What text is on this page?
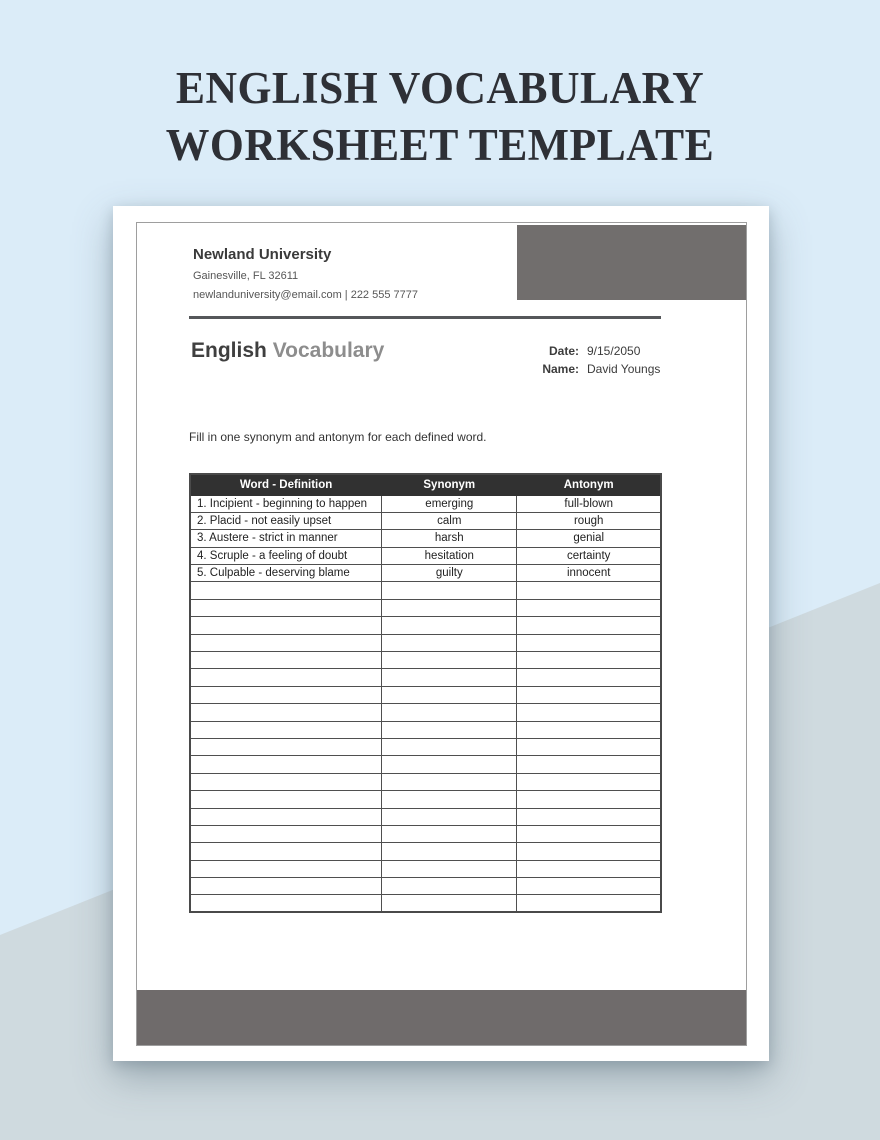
ENGLISH VOCABULARY
WORKSHEET TEMPLATE
Newland University
Gainesville, FL 32611
newlanduniversity@email.com | 222 555 7777
English Vocabulary	Date: 9/15/2050
Name: David Youngs
Fill in one synonym and antonym for each defined word.
Word - Definition	Synonym	Antonym
1. Incipient - beginning to happen	emerging	full-blown
2. Placid - not easily upset	calm	rough
3. Austere - strict in manner	harsh	genial
4. Scruple - a feeling of doubt	hesitation	certainty
5. Culpable - deserving blame	guilty	innocent
